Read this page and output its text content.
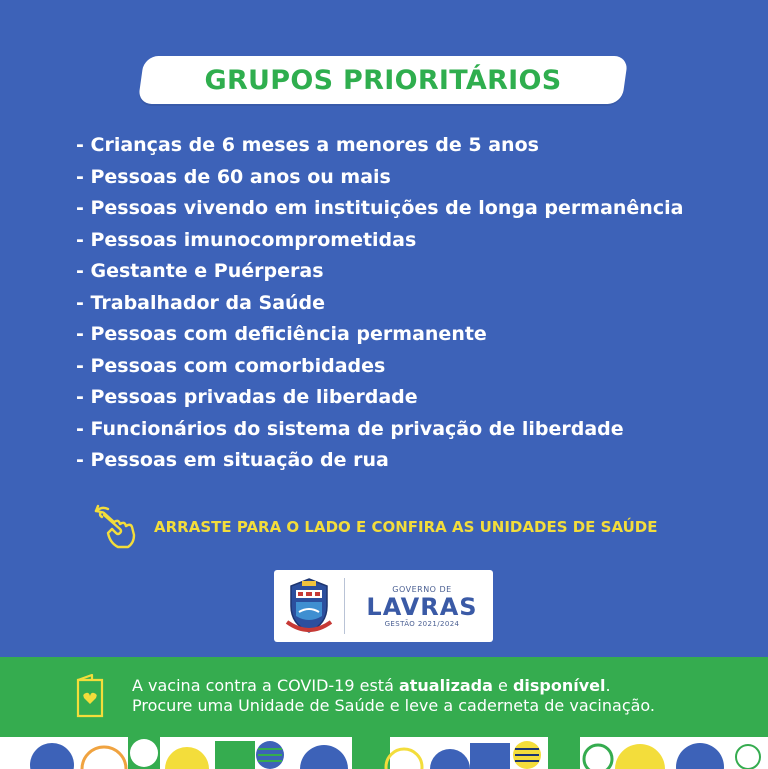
GRUPOS PRIORITÁRIOS
- Crianças de 6 meses a menores de 5 anos
- Pessoas de 60 anos ou mais
- Pessoas vivendo em instituições de longa permanência
- Pessoas imunocomprometidas
- Gestante e Puérperas
- Trabalhador da Saúde
- Pessoas com deficiência permanente
- Pessoas com comorbidades
- Pessoas privadas de liberdade
- Funcionários do sistema de privação de liberdade
- Pessoas em situação de rua
ARRASTE PARA O LADO E CONFIRA AS UNIDADES DE SAÚDE
GOVERNO DE
LAVRAS
GESTÃO 2021/2024
A vacina contra a COVID-19 está atualizada e disponível.
Procure uma Unidade de Saúde e leve a caderneta de vacinação.
